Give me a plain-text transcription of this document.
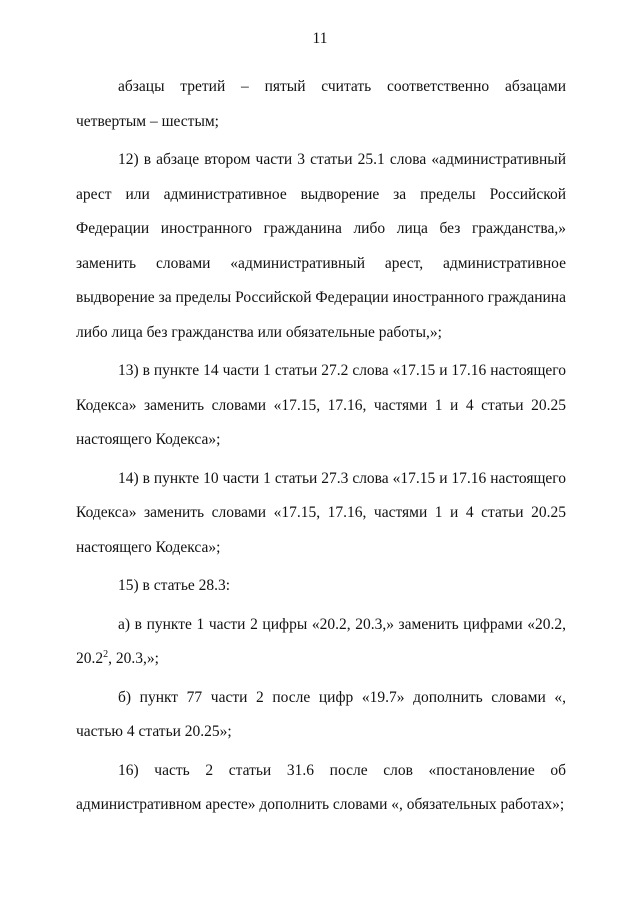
11

абзацы третий – пятый считать соответственно абзацами четвертым – шестым;

12) в абзаце втором части 3 статьи 25.1 слова «административный арест или административное выдворение за пределы Российской Федерации иностранного гражданина либо лица без гражданства,» заменить словами «административный арест, административное выдворение за пределы Российской Федерации иностранного гражданина либо лица без гражданства или обязательные работы,»;

13) в пункте 14 части 1 статьи 27.2 слова «17.15 и 17.16 настоящего Кодекса» заменить словами «17.15, 17.16, частями 1 и 4 статьи 20.25 настоящего Кодекса»;

14) в пункте 10 части 1 статьи 27.3 слова «17.15 и 17.16 настоящего Кодекса» заменить словами «17.15, 17.16, частями 1 и 4 статьи 20.25 настоящего Кодекса»;

15) в статье 28.3:

а) в пункте 1 части 2 цифры «20.2, 20.3,» заменить цифрами «20.2, 20.2$^2$, 20.3,»;

б) пункт 77 части 2 после цифр «19.7» дополнить словами «, частью 4 статьи 20.25»;

16) часть 2 статьи 31.6 после слов «постановление об административном аресте» дополнить словами «, обязательных работах»;
